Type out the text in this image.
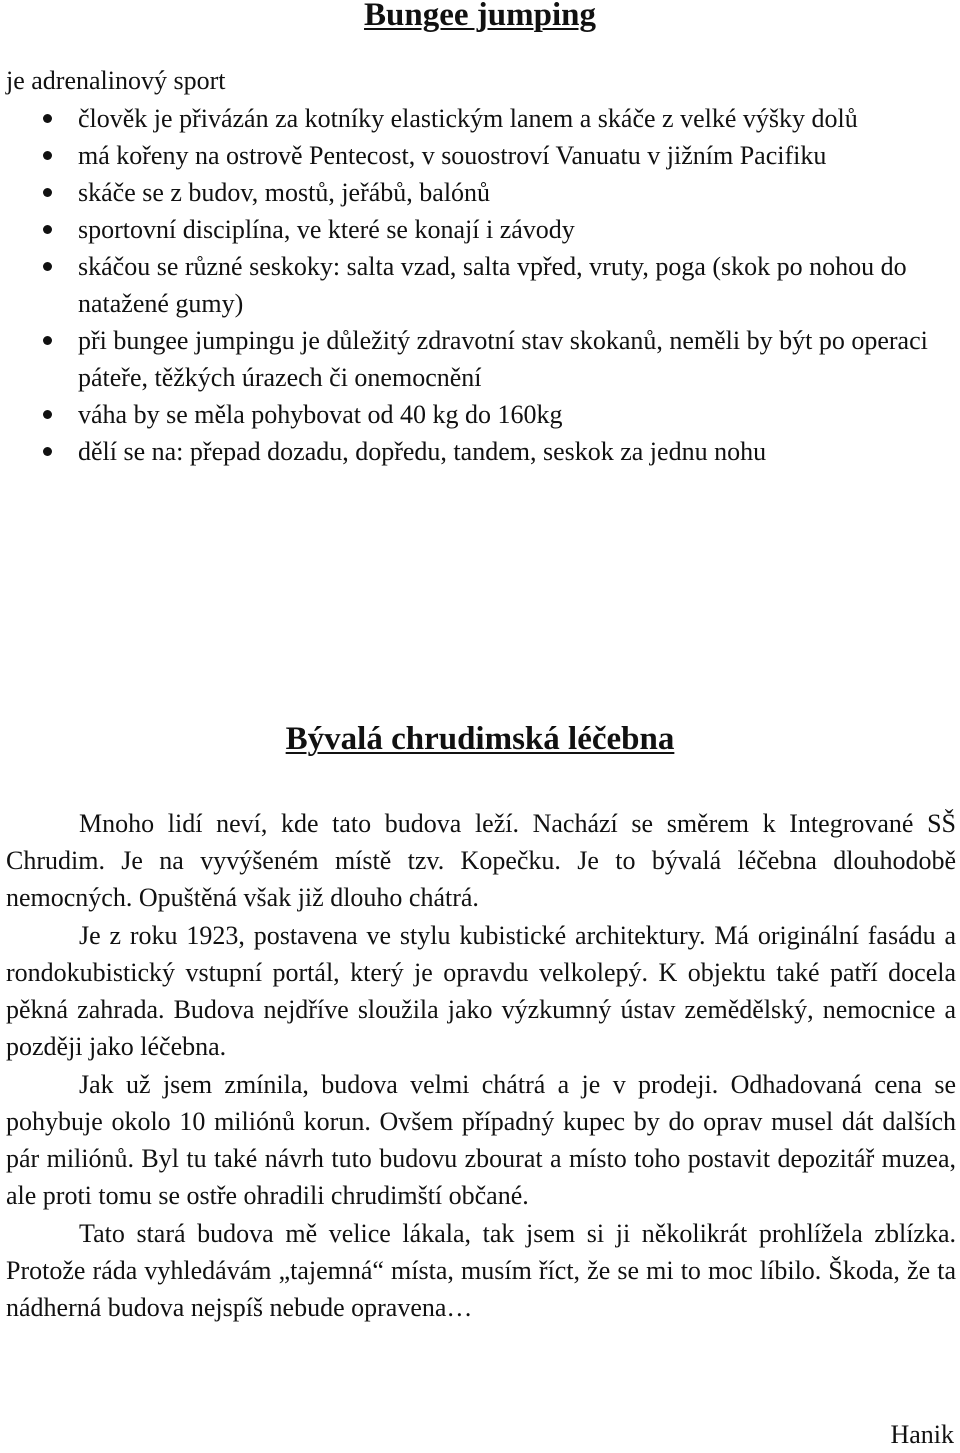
Bungee jumping

je adrenalinový sport

člověk je přivázán za kotníky elastickým lanem a skáče z velké výšky dolů
má kořeny na ostrově Pentecost, v souostroví Vanuatu v jižním Pacifiku
skáče se z budov, mostů, jeřábů, balónů
sportovní disciplína, ve které se konají i závody
skáčou se různé seskoky: salta vzad, salta vpřed, vruty, poga (skok po nohou do natažené gumy)
při bungee jumpingu je důležitý zdravotní stav skokanů, neměli by být po operaci páteře, těžkých úrazech či onemocnění
váha by se měla pohybovat od 40 kg do 160kg
dělí se na: přepad dozadu, dopředu, tandem, seskok za jednu nohu
Bývalá chrudimská léčebna

Mnoho lidí neví, kde tato budova leží. Nachází se směrem k Integrované SŠ Chrudim. Je na vyvýšeném místě tzv. Kopečku. Je to bývalá léčebna dlouhodobě nemocných. Opuštěná však již dlouho chátrá.

Je z roku 1923, postavena ve stylu kubistické architektury. Má originální fasádu a rondokubistický vstupní portál, který je opravdu velkolepý. K objektu také patří docela pěkná zahrada. Budova nejdříve sloužila jako výzkumný ústav zemědělský, nemocnice a později jako léčebna.

Jak už jsem zmínila, budova velmi chátrá a je v prodeji. Odhadovaná cena se pohybuje okolo 10 miliónů korun. Ovšem případný kupec by do oprav musel dát dalších pár miliónů. Byl tu také návrh tuto budovu zbourat a místo toho postavit depozitář muzea, ale proti tomu se ostře ohradili chrudimští občané.

Tato stará budova mě velice lákala, tak jsem si ji několikrát prohlížela zblízka. Protože ráda vyhledávám „tajemná“ místa, musím říct, že se mi to moc líbilo. Škoda, že ta nádherná budova nejspíš nebude opravena…

Hanik
